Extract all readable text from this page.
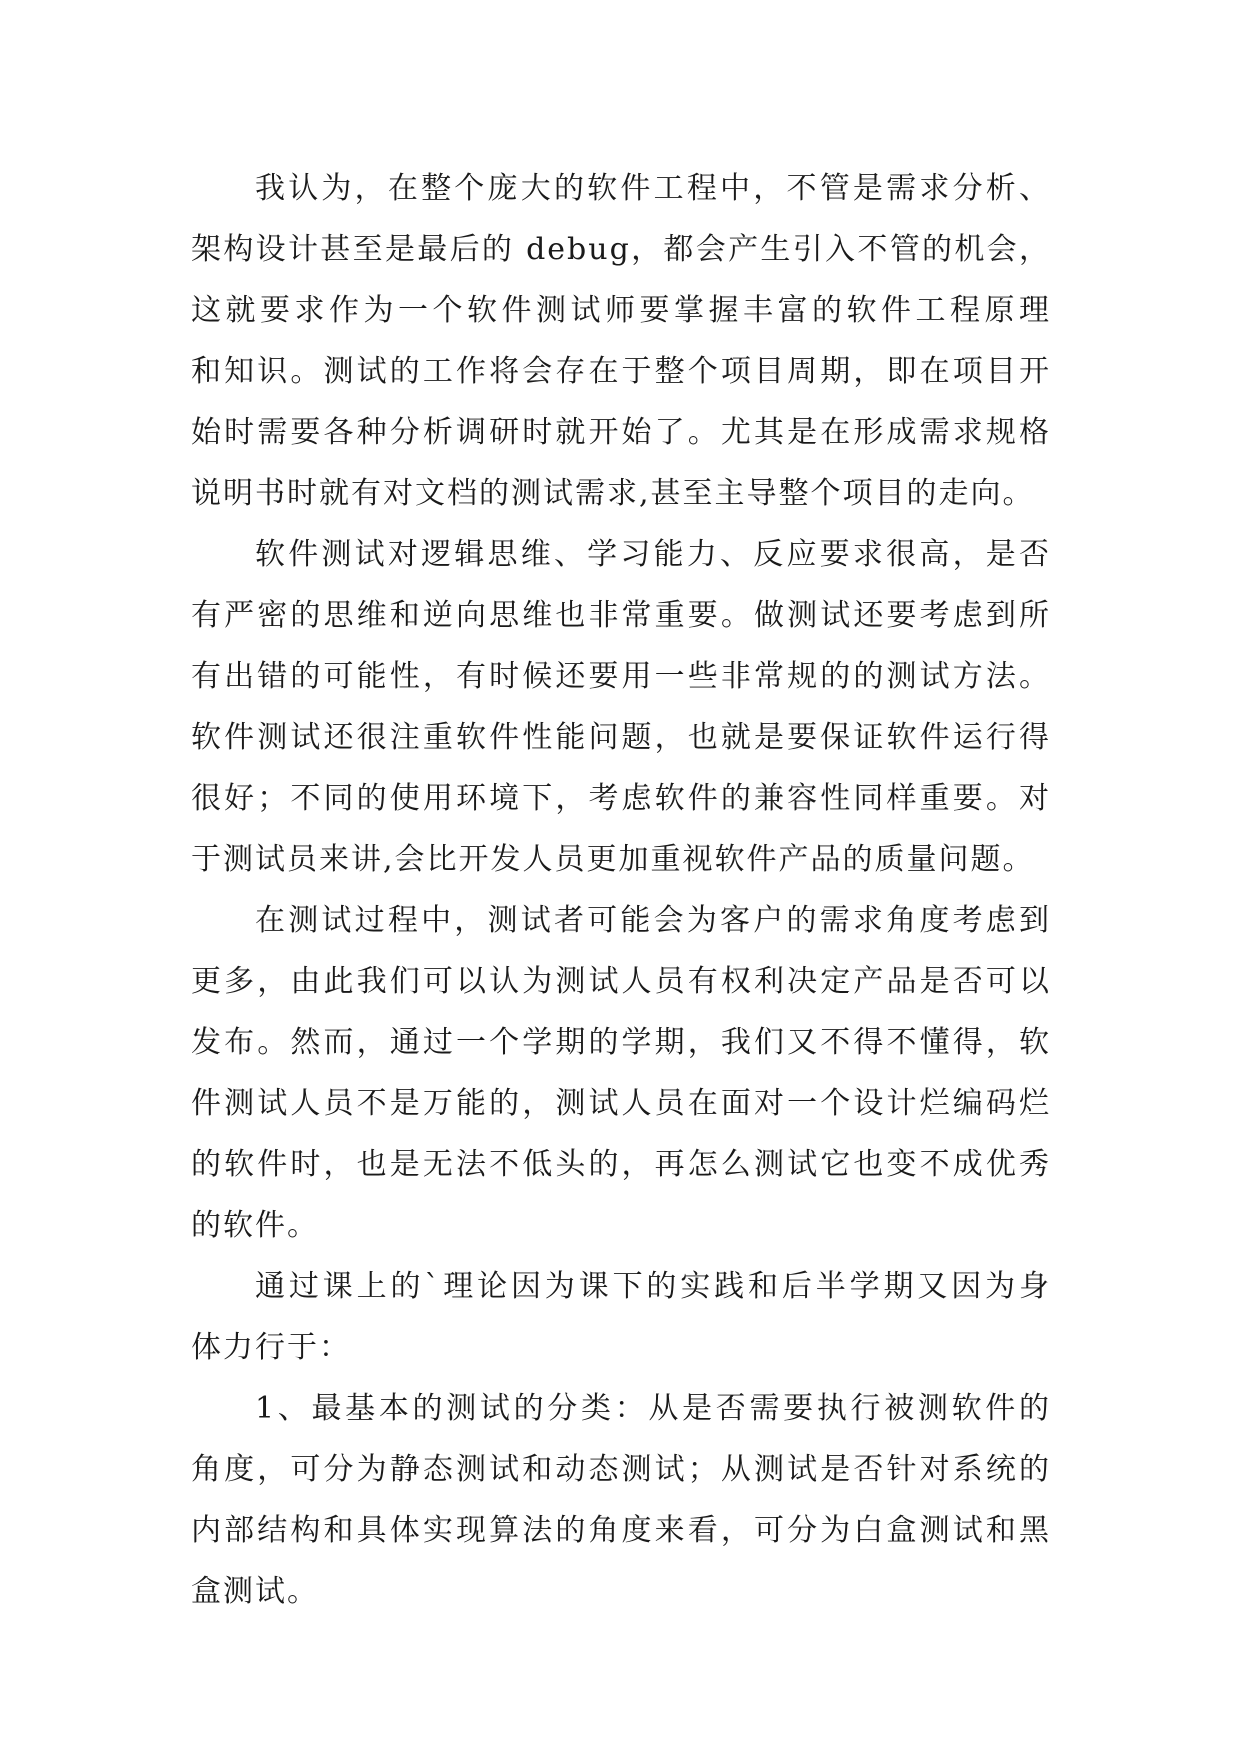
我认为，在整个庞大的软件工程中，不管是需求分析、
架构设计甚至是最后的 debug，都会产生引入不管的机会，
这就要求作为一个软件测试师要掌握丰富的软件工程原理
和知识。测试的工作将会存在于整个项目周期，即在项目开
始时需要各种分析调研时就开始了。尤其是在形成需求规格
说明书时就有对文档的测试需求,甚至主导整个项目的走向。

软件测试对逻辑思维、学习能力、反应要求很高，是否
有严密的思维和逆向思维也非常重要。做测试还要考虑到所
有出错的可能性，有时候还要用一些非常规的的测试方法。
软件测试还很注重软件性能问题，也就是要保证软件运行得
很好；不同的使用环境下，考虑软件的兼容性同样重要。对
于测试员来讲,会比开发人员更加重视软件产品的质量问题。

在测试过程中，测试者可能会为客户的需求角度考虑到
更多，由此我们可以认为测试人员有权利决定产品是否可以
发布。然而，通过一个学期的学期，我们又不得不懂得，软
件测试人员不是万能的，测试人员在面对一个设计烂编码烂
的软件时，也是无法不低头的，再怎么测试它也变不成优秀
的软件。

通过课上的`理论因为课下的实践和后半学期又因为身
体力行于：

1、最基本的测试的分类：从是否需要执行被测软件的
角度，可分为静态测试和动态测试；从测试是否针对系统的
内部结构和具体实现算法的角度来看，可分为白盒测试和黑
盒测试。
